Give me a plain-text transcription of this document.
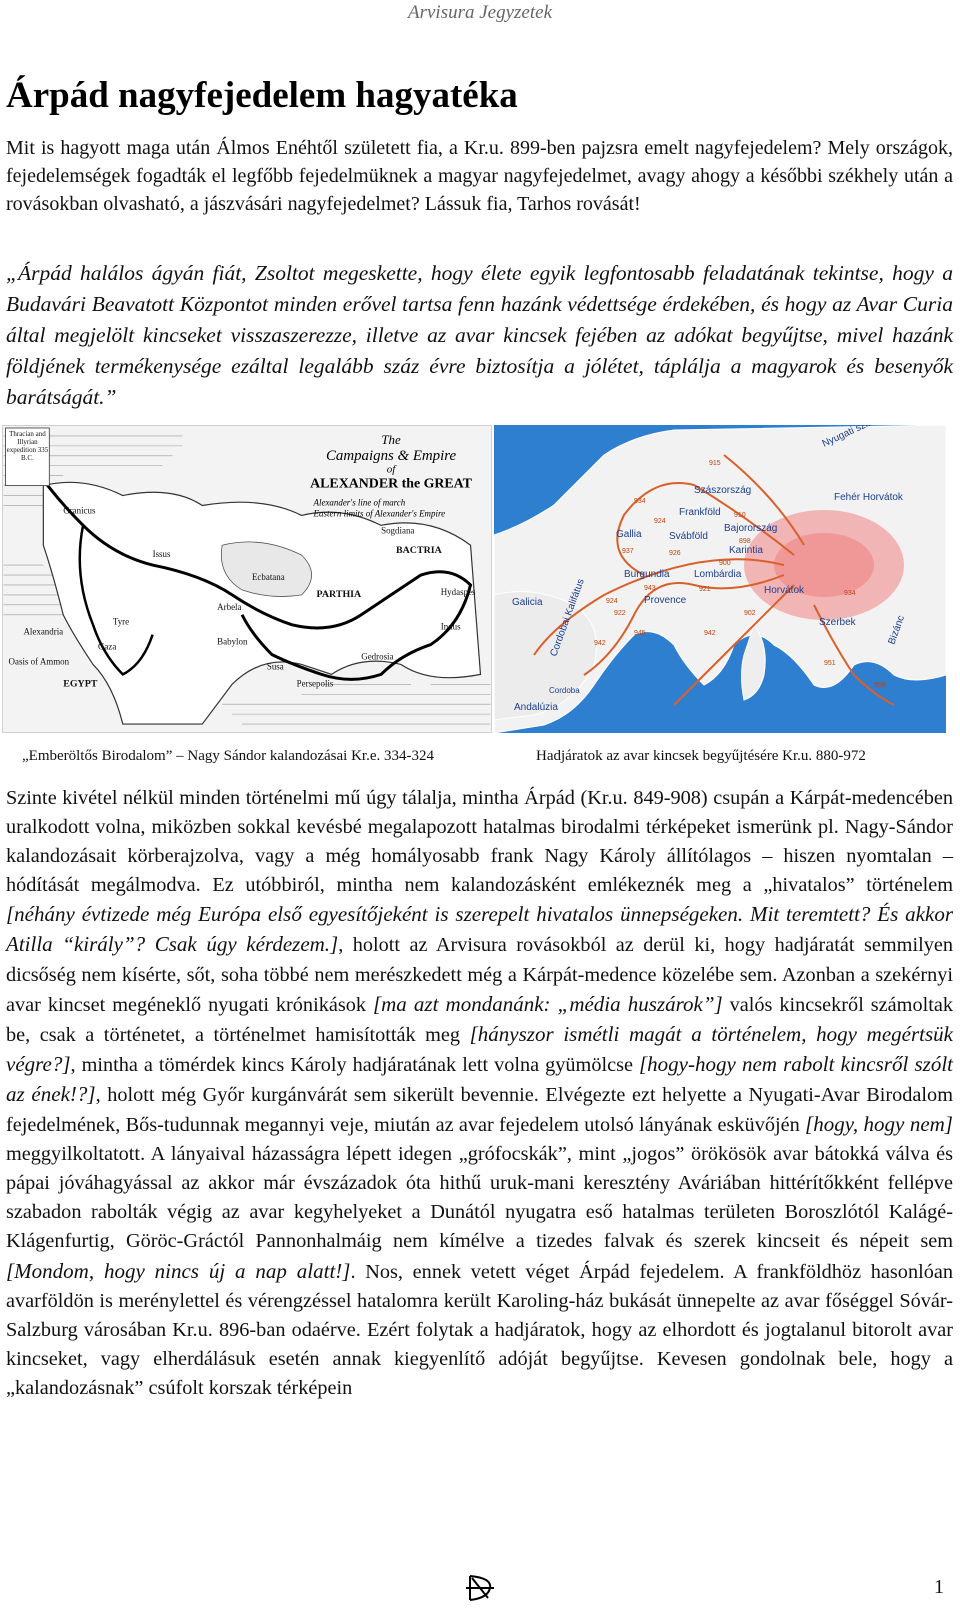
Arvisura Jegyzetek
Árpád nagyfejedelem hagyatéka

Mit is hagyott maga után Álmos Enéhtől született fia, a Kr.u. 899-ben pajzsra emelt nagyfejedelem? Mely országok, fejedelemségek fogadták el legfőbb fejedelmüknek a magyar nagyfejedelmet, avagy ahogy a későbbi székhely után a rovásokban olvasható, a jászvásári nagyfejedelmet? Lássuk fia, Tarhos rovását!

„Árpád halálos ágyán fiát, Zsoltot megeskette, hogy élete egyik legfontosabb feladatának tekintse, hogy a Budavári Beavatott Központot minden erővel tartsa fenn hazánk védettsége érdekében, és hogy az Avar Curia által megjelölt kincseket visszaszerezze, illetve az avar kincsek fejében az adókat begyűjtse, mivel hazánk földjének termékenysége ezáltal legalább száz évre biztosítja a jólétet, táplálja a magyarok és besenyők barátságát.”

The
Campaigns & Empire
of
ALEXANDER the GREAT
Alexander's line of march
Eastern limits of Alexander's Empire
Thracian and Illyrian expedition 335 B.C.
Granicus
Issus
Tyre
Gaza
EGYPT
Oasis of Ammon
Babylon
Arbela
Susa
Persepolis
PARTHIA
BACTRIA
Sogdiana
Gedrosia
Indus
Alexandria
Ecbatana
Hydaspes
Fehér Horvátok
Szászország
Frankföld
Bajorország
Gallia	Svábföld
Karintia
Burgundia Lombárdia
Provence
Szerbek
Horvátok
Galicia Cordobai Kalifátus
Cordoba
Andalúzia
Bizánc
934
915
924
926
910
937
943
900
898
921
922	902
924
942
951
945
942
934
959
„Emberöltős Birodalom” – Nagy Sándor kalandozásai Kr.e. 334-324	Hadjáratok az avar kincsek begyűjtésére Kr.u. 880-972

Szinte kivétel nélkül minden történelmi mű úgy tálalja, mintha Árpád (Kr.u. 849-908) csupán a Kárpát-medencében uralkodott volna, miközben sokkal kevésbé megalapozott hatalmas birodalmi térképeket ismerünk pl. Nagy-Sándor kalandozásait körberajzolva, vagy a még homályosabb frank Nagy Károly állítólagos – hiszen nyomtalan – hódítását megálmodva. Ez utóbbiról, mintha nem kalandozásként emlékeznék meg a „hivatalos” történelem [néhány évtizede még Európa első egyesítőjeként is szerepelt hivatalos ünnepségeken. Mit teremtett? És akkor Atilla “király”? Csak úgy kérdezem.], holott az Arvisura rovásokból az derül ki, hogy hadjáratát semmilyen dicsőség nem kísérte, sőt, soha többé nem merészkedett még a Kárpát-medence közelébe sem. Azonban a szekérnyi avar kincset megéneklő nyugati krónikások [ma azt mondanánk: „média huszárok”] valós kincsekről számoltak be, csak a történetet, a történelmet hamisították meg [hányszor ismétli magát a történelem, hogy megértsük végre?], mintha a tömérdek kincs Károly hadjáratának lett volna gyümölcse [hogy-hogy nem rabolt kincsről szólt az ének!?], holott még Győr kurgánvárát sem sikerült bevennie. Elvégezte ezt helyette a Nyugati-Avar Birodalom fejedelmének, Bős-tudunnak megannyi veje, miután az avar fejedelem utolsó lányának esküvőjén [hogy, hogy nem] meggyilkoltatott. A lányaival házasságra lépett idegen „grófocskák”, mint „jogos” örökösök avar bátokká válva és pápai jóváhagyással az akkor már évszázadok óta hithű uruk-mani keresztény Aváriában hittérítőkként fellépve szabadon rabolták végig az avar kegyhelyeket a Dunától nyugatra eső hatalmas területen Boroszlótól Kalágé-Klágenfurtig, Göröc-Gráctól Pannonhalmáig nem kímélve a tizedes falvak és szerek kincseit és népeit sem [Mondom, hogy nincs új a nap alatt!]. Nos, ennek vetett véget Árpád fejedelem. A frankföldhöz hasonlóan avarföldön is merénylettel és vérengzéssel hatalomra került Karoling-ház bukását ünnepelte az avar főséggel Sóvár-Salzburg városában Kr.u. 896-ban odaérve. Ezért folytak a hadjáratok, hogy az elhordott és jogtalanul bitorolt avar kincseket, vagy elherdálásuk esetén annak kiegyenlítő adóját begyűjtse. Kevesen gondolnak bele, hogy a „kalandozásnak” csúfolt korszak térképein

1
